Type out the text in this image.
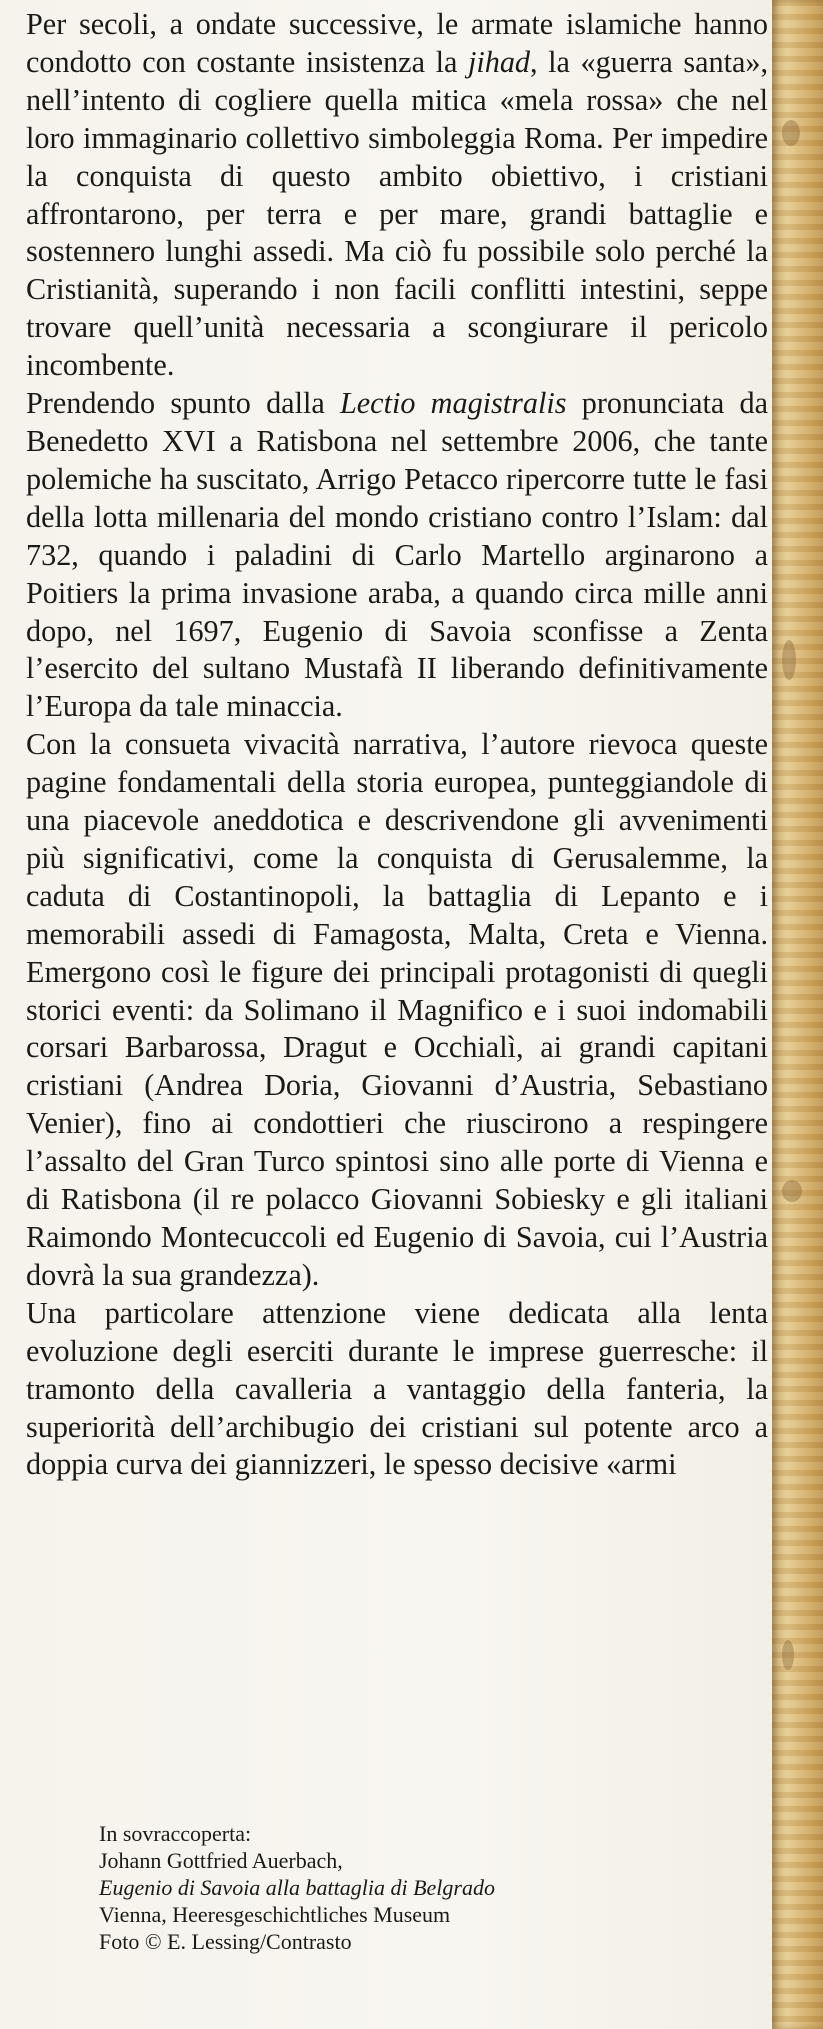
Per secoli, a ondate successive, le armate islamiche hanno condotto con costante insistenza la jihad, la «guerra santa», nell’intento di cogliere quella mitica «mela rossa» che nel loro immaginario collettivo simboleggia Roma. Per impedire la conquista di questo ambito obiettivo, i cristiani affrontarono, per terra e per mare, grandi battaglie e sostennero lunghi assedi. Ma ciò fu possibile solo perché la Cristianità, superando i non facili conflitti intestini, seppe trovare quell’unità necessaria a scongiurare il pericolo incombente.

Prendendo spunto dalla Lectio magistralis pronunciata da Benedetto XVI a Ratisbona nel settembre 2006, che tante polemiche ha suscitato, Arrigo Petacco ripercorre tutte le fasi della lotta millenaria del mondo cristiano contro l’Islam: dal 732, quando i paladini di Carlo Martello arginarono a Poitiers la prima invasione araba, a quando circa mille anni dopo, nel 1697, Eugenio di Savoia sconfisse a Zenta l’esercito del sultano Mustafà II liberando definitivamente l’Europa da tale minaccia.

Con la consueta vivacità narrativa, l’autore rievoca queste pagine fondamentali della storia europea, punteggiandole di una piacevole aneddotica e descrivendone gli avvenimenti più significativi, come la conquista di Gerusalemme, la caduta di Costantinopoli, la battaglia di Lepanto e i memorabili assedi di Famagosta, Malta, Creta e Vienna. Emergono così le figure dei principali protagonisti di quegli storici eventi: da Solimano il Magnifico e i suoi indomabili corsari Barbarossa, Dragut e Occhialì, ai grandi capitani cristiani (Andrea Doria, Giovanni d’Austria, Sebastiano Venier), fino ai condottieri che riuscirono a respingere l’assalto del Gran Turco spintosi sino alle porte di Vienna e di Ratisbona (il re polacco Giovanni Sobiesky e gli italiani Raimondo Montecuccoli ed Eugenio di Savoia, cui l’Austria dovrà la sua grandezza).

Una particolare attenzione viene dedicata alla lenta evoluzione degli eserciti durante le imprese guerresche: il tramonto della cavalleria a vantaggio della fanteria, la superiorità dell’archibugio dei cristiani sul potente arco a doppia curva dei giannizzeri, le spesso decisive «armi

In sovraccoperta:
Johann Gottfried Auerbach,
Eugenio di Savoia alla battaglia di Belgrado
Vienna, Heeresgeschichtliches Museum
Foto © E. Lessing/Contrasto
